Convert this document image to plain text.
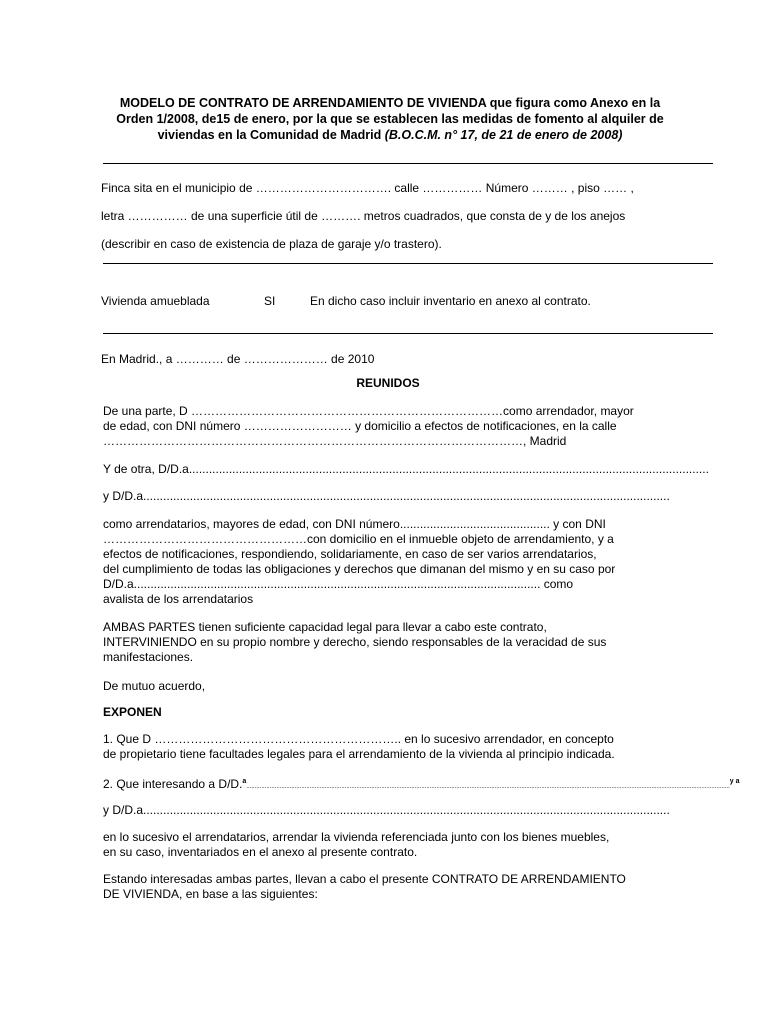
MODELO DE CONTRATO DE ARRENDAMIENTO DE VIVIENDA que figura como Anexo en la Orden 1/2008, de15 de enero, por la que se establecen las medidas de fomento al alquiler de viviendas en la Comunidad de Madrid (B.O.C.M. n° 17, de 21 de enero de 2008)
Finca sita en el municipio de ……………………………. calle …………… Número ……… , piso …… ,
letra …………… de una superficie útil de ………. metros cuadrados, que consta de y de los anejos
(describir en caso de existencia de plaza de garaje y/o trastero).
Vivienda amueblada	SI	En dicho caso incluir inventario en anexo al contrato.
En Madrid., a ………… de ………………… de 2010
REUNIDOS
De una parte, D ……………………………………………………………………como arrendador, mayor
de edad, con DNI número ……………………… y domicilio a efectos de notificaciones, en la calle
……………………………………………………………………………………………, Madrid
Y de otra, D/D.a............................................................................................................................................................
y D/D.a..............................................................................................................................................................
como arrendatarios, mayores de edad, con DNI número............................................. y con DNI
……………………………………………con domicilio en el inmueble objeto de arrendamiento, y a
efectos de notificaciones, respondiendo, solidariamente, en caso de ser varios arrendatarios,
del cumplimiento de todas las obligaciones y derechos que dimanan del mismo y en su caso por
D/D.a.......................................................................................................................... como
avalista de los arrendatarios
AMBAS PARTES tienen suficiente capacidad legal para llevar a cabo este contrato,
INTERVINIENDO en su propio nombre y derecho, siendo responsables de la veracidad de sus
manifestaciones.
De mutuo acuerdo,
EXPONEN
1. Que D …………………………………………………….. en lo sucesivo arrendador, en concepto
de propietario tiene facultades legales para el arrendamiento de la vivienda al principio indicada.
2. Que interesando a D/D.$^a$..................................................................................................................................................................................................................................................................................................$^{y a}$
y D/D.a..............................................................................................................................................................
en lo sucesivo el arrendatarios, arrendar la vivienda referenciada junto con los bienes muebles,
en su caso, inventariados en el anexo al presente contrato.
Estando interesadas ambas partes, llevan a cabo el presente CONTRATO DE ARRENDAMIENTO
DE VIVIENDA, en base a las siguientes:
